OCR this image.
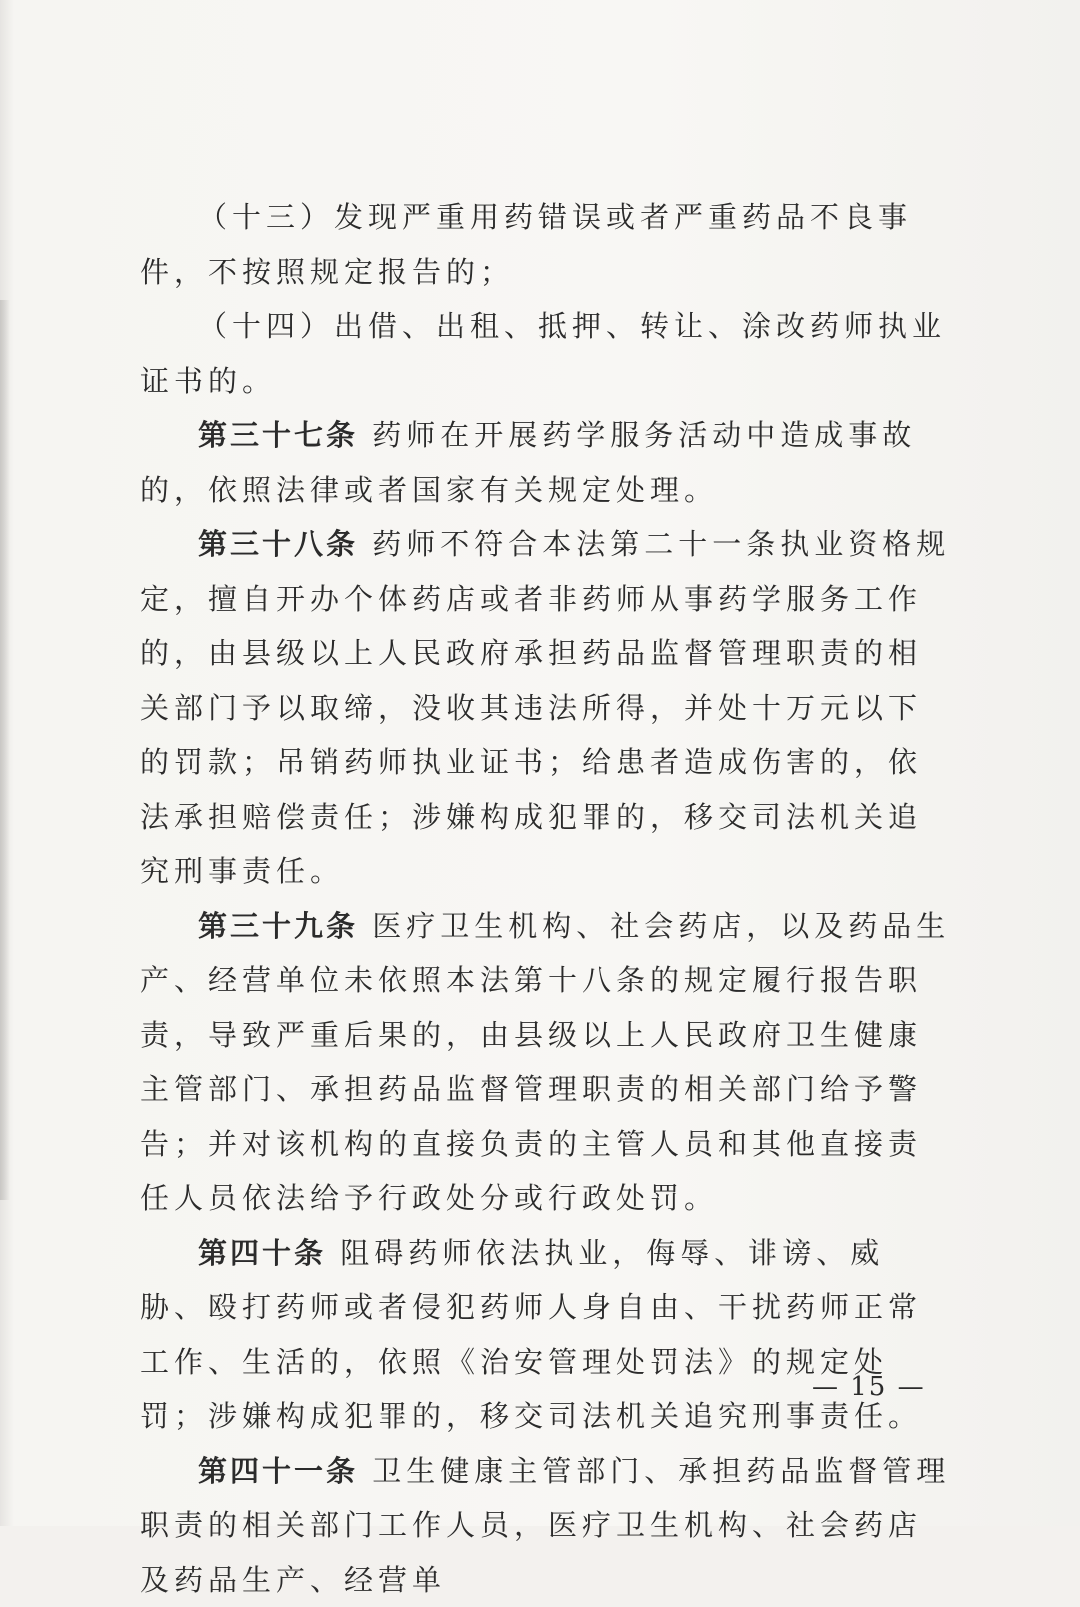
（十三）发现严重用药错误或者严重药品不良事件，不按照规定报告的；

（十四）出借、出租、抵押、转让、涂改药师执业证书的。

第三十七条 药师在开展药学服务活动中造成事故的，依照法律或者国家有关规定处理。

第三十八条 药师不符合本法第二十一条执业资格规定，擅自开办个体药店或者非药师从事药学服务工作的，由县级以上人民政府承担药品监督管理职责的相关部门予以取缔，没收其违法所得，并处十万元以下的罚款；吊销药师执业证书；给患者造成伤害的，依法承担赔偿责任；涉嫌构成犯罪的，移交司法机关追究刑事责任。

第三十九条 医疗卫生机构、社会药店，以及药品生产、经营单位未依照本法第十八条的规定履行报告职责，导致严重后果的，由县级以上人民政府卫生健康主管部门、承担药品监督管理职责的相关部门给予警告；并对该机构的直接负责的主管人员和其他直接责任人员依法给予行政处分或行政处罚。

第四十条 阻碍药师依法执业，侮辱、诽谤、威胁、殴打药师或者侵犯药师人身自由、干扰药师正常工作、生活的，依照《治安管理处罚法》的规定处罚；涉嫌构成犯罪的，移交司法机关追究刑事责任。

第四十一条 卫生健康主管部门、承担药品监督管理职责的相关部门工作人员，医疗卫生机构、社会药店及药品生产、经营单

— 15 —
